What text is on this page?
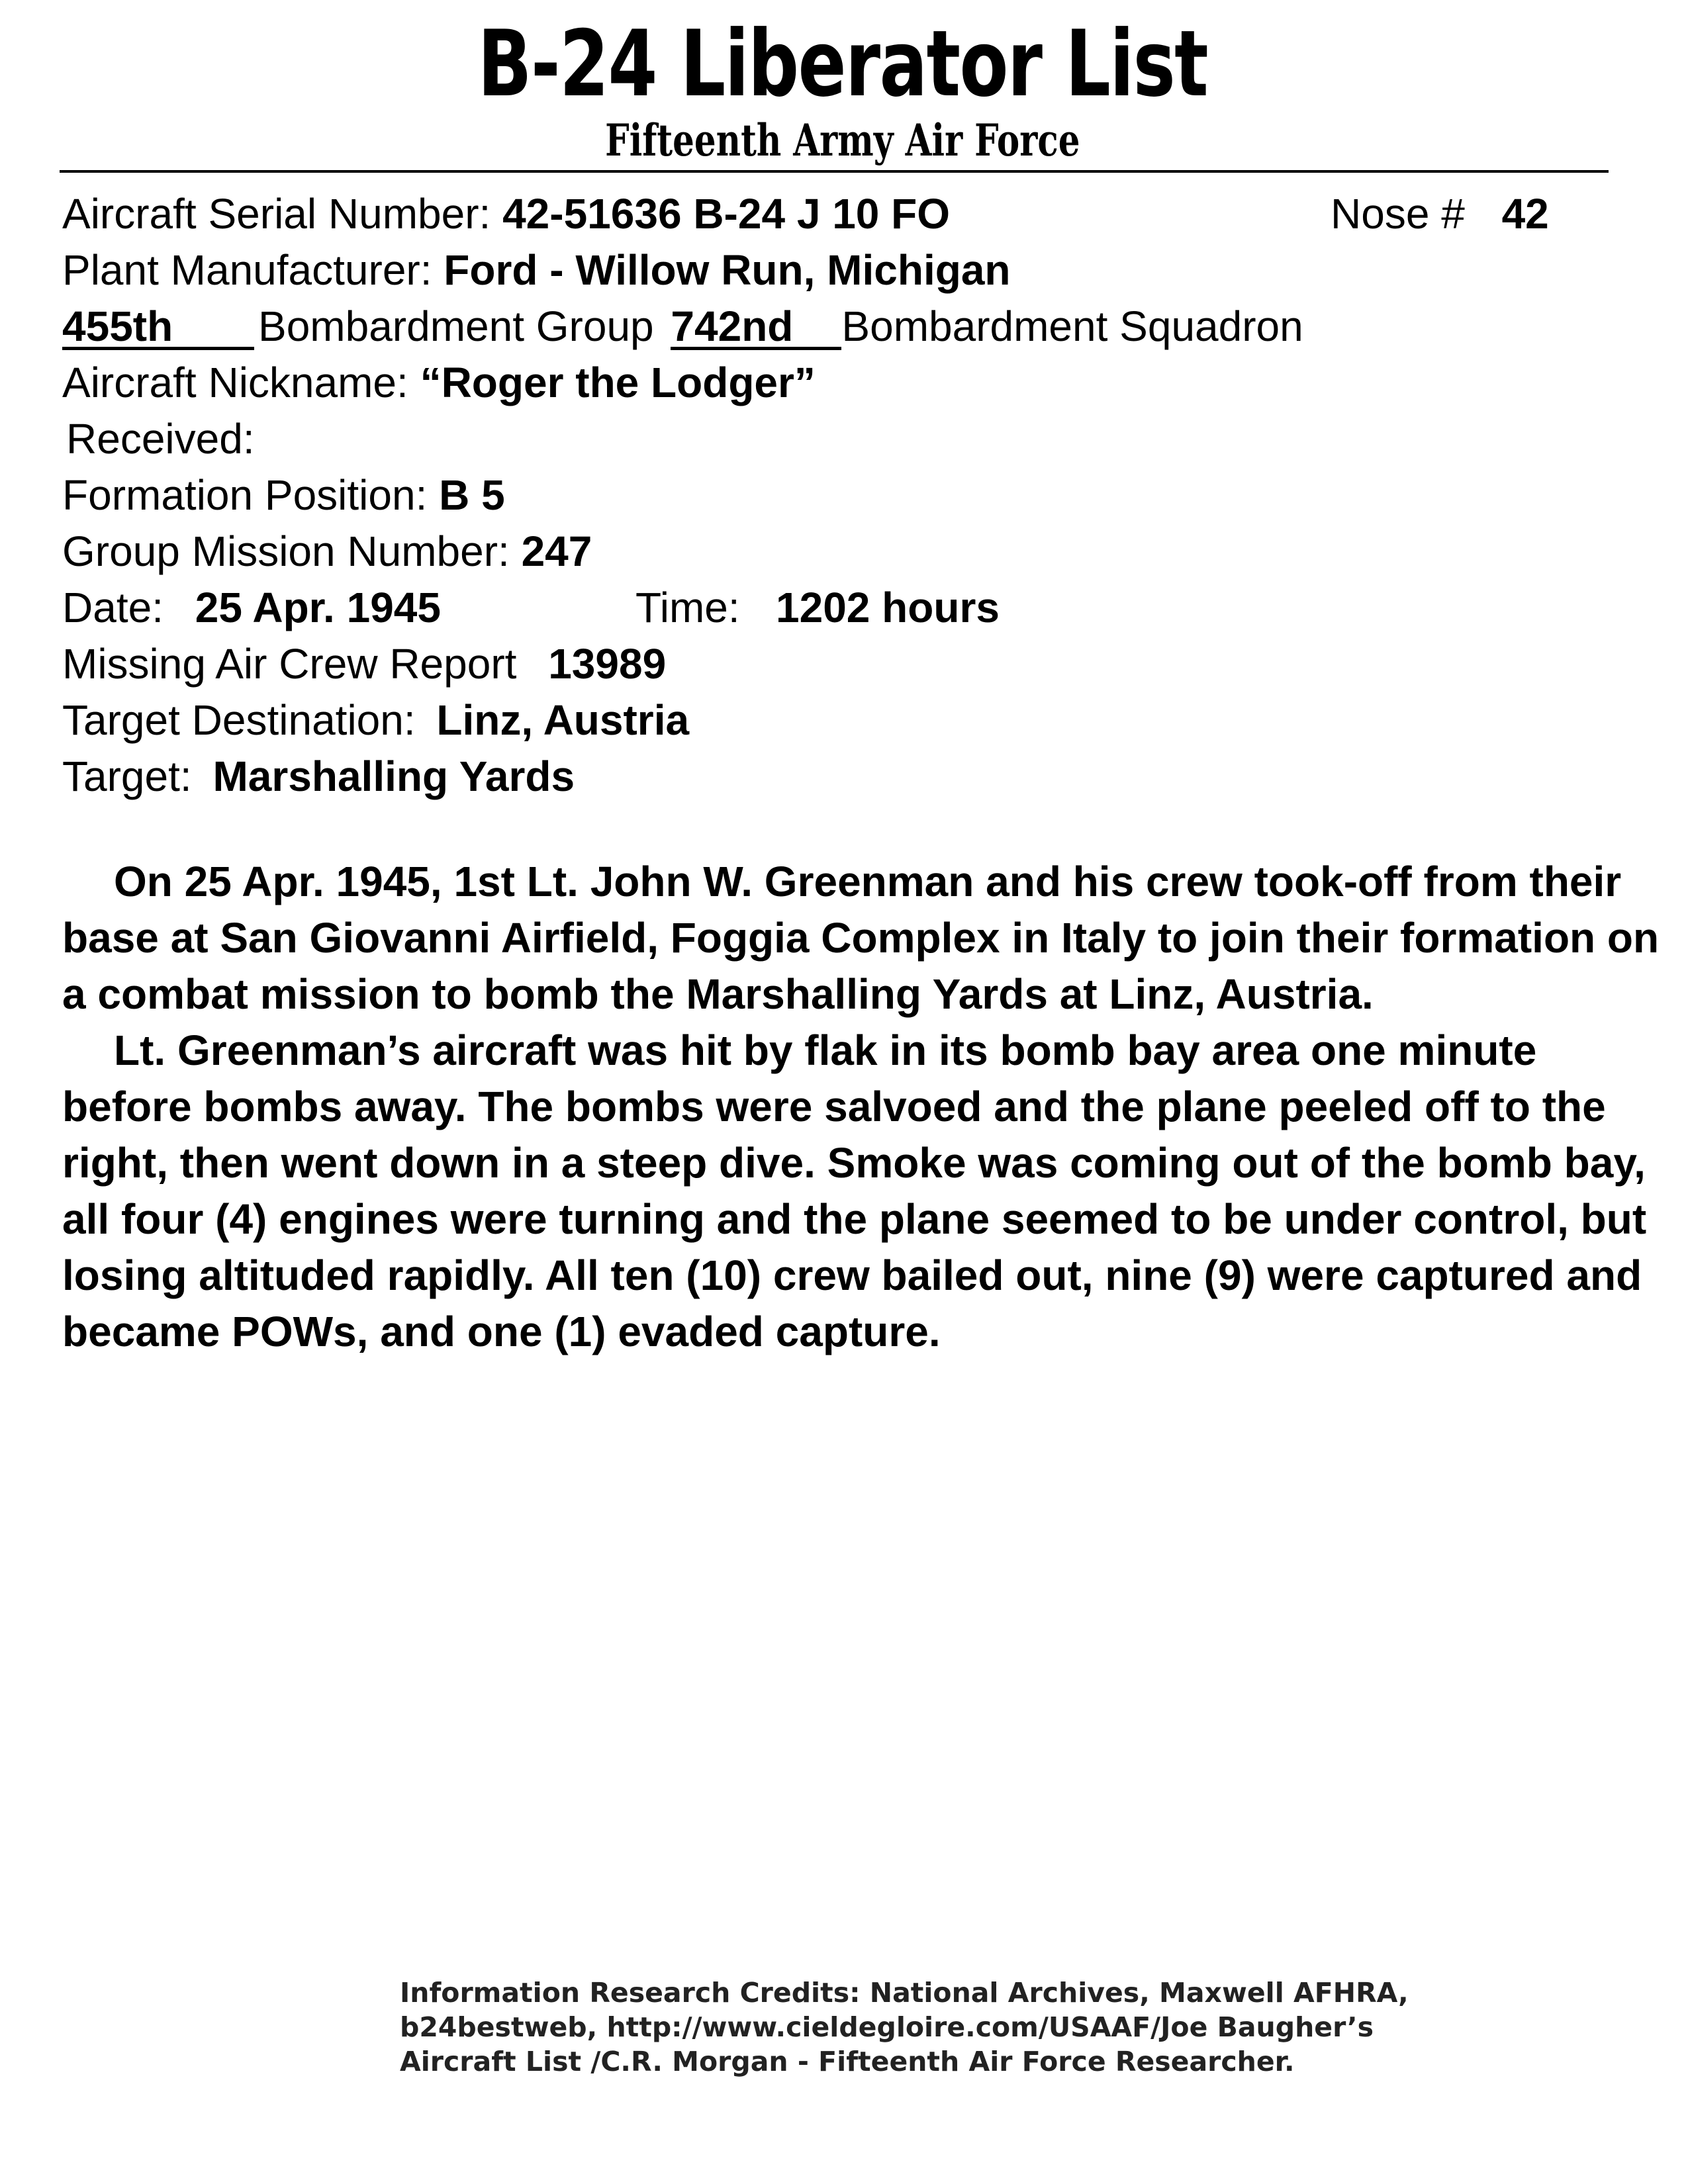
B-24 Liberator List
Fifteenth Army Air Force
Aircraft Serial Number: 42-51636 B-24 J 10 FO	Nose # 42
Plant Manufacturer: Ford - Willow Run, Michigan
455th Bombardment Group 742nd Bombardment Squadron
Aircraft Nickname: “Roger the Lodger”
Received:
Formation Position: B 5
Group Mission Number: 247
Date: 25 Apr. 1945	Time: 1202 hours
Missing Air Crew Report 13989
Target Destination: Linz, Austria
Target: Marshalling Yards

On 25 Apr. 1945, 1st Lt. John W. Greenman and his crew took-off from their base at San Giovanni Airfield, Foggia Complex in Italy to join their formation on a combat mission to bomb the Marshalling Yards at Linz, Austria.

Lt. Greenman’s aircraft was hit by flak in its bomb bay area one minute before bombs away. The bombs were salvoed and the plane peeled off to the right, then went down in a steep dive. Smoke was coming out of the bomb bay, all four (4) engines were turning and the plane seemed to be under control, but losing altituded rapidly. All ten (10) crew bailed out, nine (9) were captured and became POWs, and one (1) evaded capture.

Information Research Credits: National Archives, Maxwell AFHRA,
b24bestweb, http://www.cieldegloire.com/USAAF/Joe Baugher’s
Aircraft List /C.R. Morgan - Fifteenth Air Force Researcher.
